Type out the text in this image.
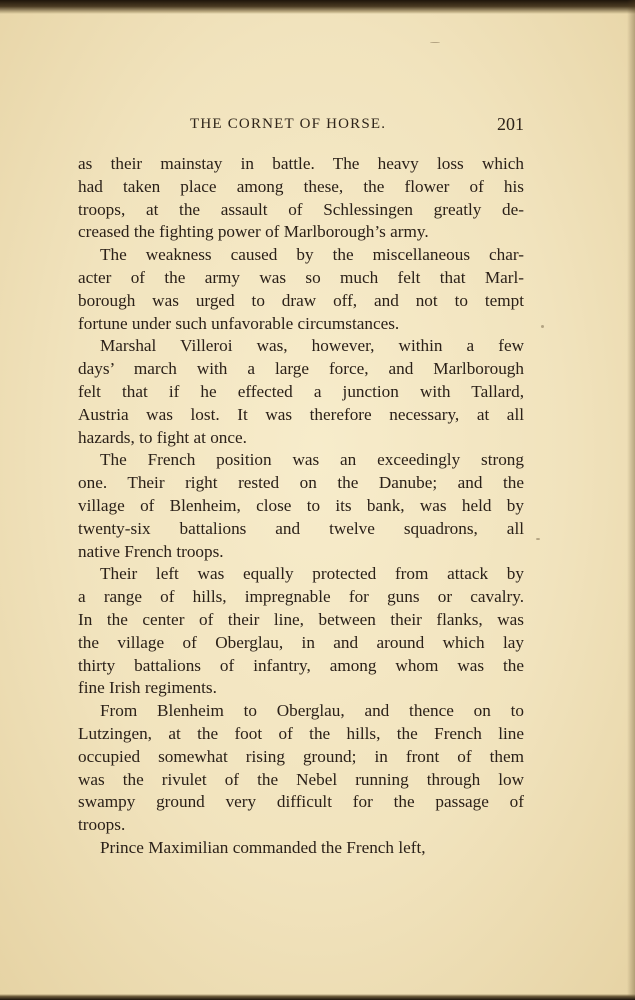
THE CORNET OF HORSE.	201
as their mainstay in battle. The heavy loss which
had taken place among these, the flower of his
troops, at the assault of Schlessingen greatly de-
creased the fighting power of Marlborough’s army.
The weakness caused by the miscellaneous char-
acter of the army was so much felt that Marl-
borough was urged to draw off, and not to tempt
fortune under such unfavorable circumstances.
Marshal Villeroi was, however, within a few
days’ march with a large force, and Marlborough
felt that if he effected a junction with Tallard,
Austria was lost. It was therefore necessary, at all
hazards, to fight at once.
The French position was an exceedingly strong
one. Their right rested on the Danube; and the
village of Blenheim, close to its bank, was held by
twenty-six battalions and twelve squadrons, all
native French troops.
Their left was equally protected from attack by
a range of hills, impregnable for guns or cavalry.
In the center of their line, between their flanks, was
the village of Oberglau, in and around which lay
thirty battalions of infantry, among whom was the
fine Irish regiments.
From Blenheim to Oberglau, and thence on to
Lutzingen, at the foot of the hills, the French line
occupied somewhat rising ground; in front of them
was the rivulet of the Nebel running through low
swampy ground very difficult for the passage of
troops.
Prince Maximilian commanded the French left,
